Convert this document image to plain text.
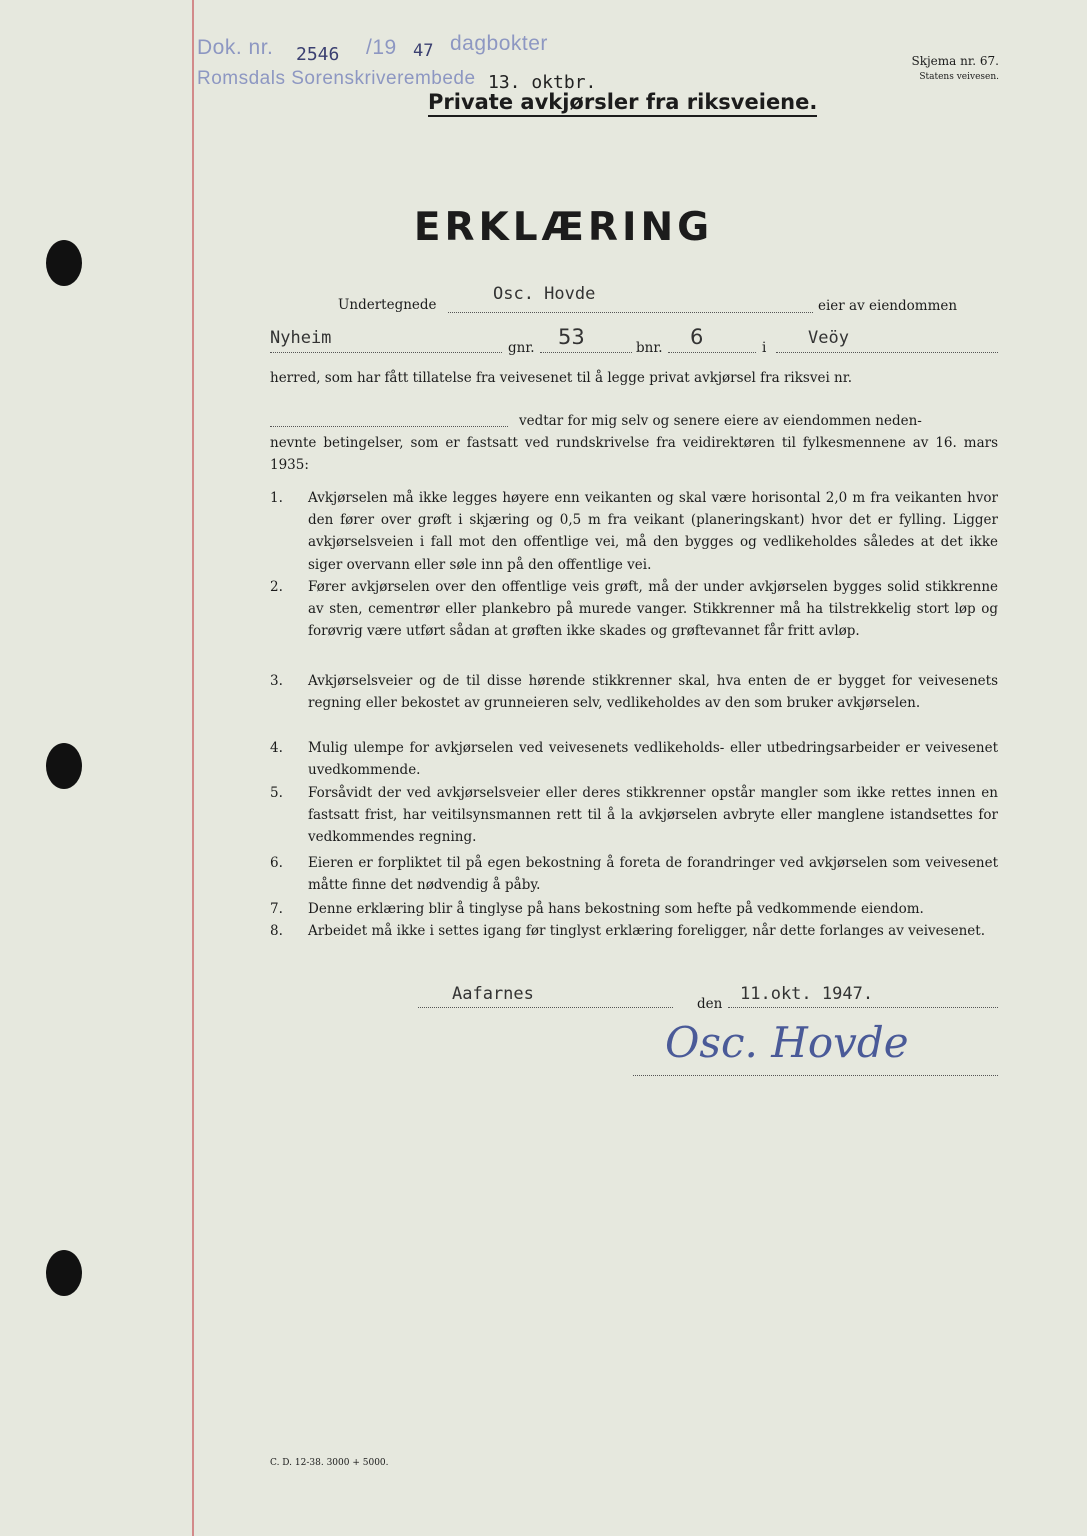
Dok. nr. 2546 /19 47 dagbokter
Romsdals Sorenskriverembede 13. oktbr.
Skjema nr. 67.
Statens veivesen.
Private avkjørsler fra riksveiene.
ERKLÆRING
Undertegnede
Osc. Hovde
eier av eiendommen
Nyheim	gnr. 53	bnr. 6	i Veöy
herred, som har fått tillatelse fra veivesenet til å legge privat avkjørsel fra riksvei nr.
vedtar for mig selv og senere eiere av eiendommen neden-
nevnte betingelser, som er fastsatt ved rundskrivelse fra veidirektøren til fylkesmennene av 16. mars 1935:
1. Avkjørselen må ikke legges høyere enn veikanten og skal være horisontal 2,0 m fra veikanten hvor den fører over grøft i skjæring og 0,5 m fra veikant (planeringskant) hvor det er fylling. Ligger avkjørselsveien i fall mot den offentlige vei, må den bygges og vedlikeholdes således at det ikke siger overvann eller søle inn på den offentlige vei.
2. Fører avkjørselen over den offentlige veis grøft, må der under avkjørselen bygges solid stikkrenne av sten, cementrør eller plankebro på murede vanger. Stikkrenner må ha tilstrekkelig stort løp og forøvrig være utført sådan at grøften ikke skades og grøftevannet får fritt avløp.
3. Avkjørselsveier og de til disse hørende stikkrenner skal, hva enten de er bygget for veivesenets regning eller bekostet av grunneieren selv, vedlikeholdes av den som bruker avkjørselen.
4. Mulig ulempe for avkjørselen ved veivesenets vedlikeholds- eller utbedringsarbeider er veivesenet uvedkommende.
5. Forsåvidt der ved avkjørselsveier eller deres stikkrenner opstår mangler som ikke rettes innen en fastsatt frist, har veitilsynsmannen rett til å la avkjørselen avbryte eller manglene istandsettes for vedkommendes regning.
6. Eieren er forpliktet til på egen bekostning å foreta de forandringer ved avkjørselen som veivesenet måtte finne det nødvendig å påby.
7. Denne erklæring blir å tinglyse på hans bekostning som hefte på vedkommende eiendom.
8. Arbeidet må ikke i settes igang før tinglyst erklæring foreligger, når dette forlanges av veivesenet.
Aafarnes	den 11.okt. 1947.
Osc. Hovde
C. D. 12-38. 3000 + 5000.
